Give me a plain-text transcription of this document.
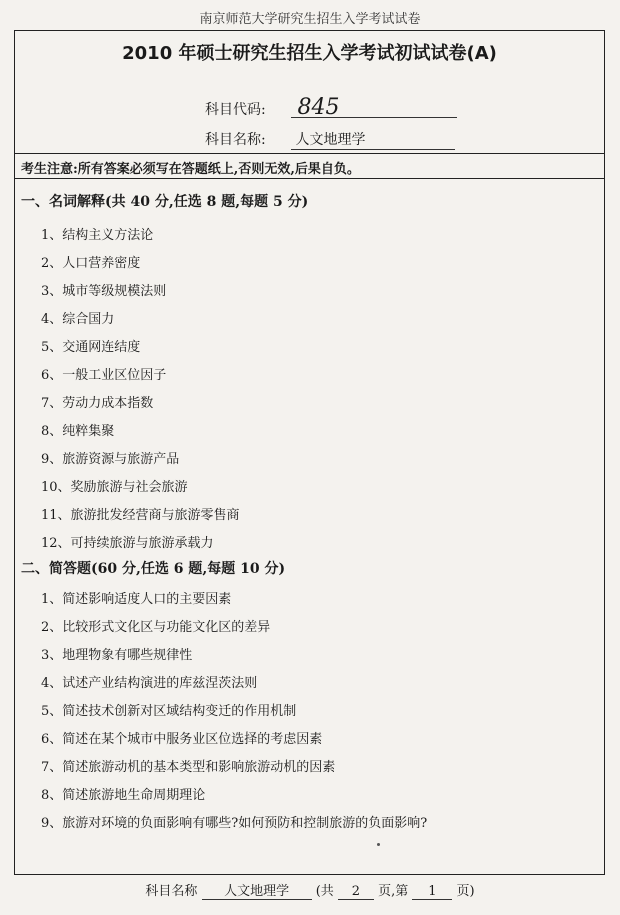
南京师范大学研究生招生入学考试试卷
2010 年硕士研究生招生入学考试初试试卷(A)
科目代码: 845
科目名称: 人文地理学
考生注意:所有答案必须写在答题纸上,否则无效,后果自负。
一、名词解释(共 40 分,任选 8 题,每题 5 分)
1、结构主义方法论
2、人口营养密度
3、城市等级规模法则
4、综合国力
5、交通网连结度
6、一般工业区位因子
7、劳动力成本指数
8、纯粹集聚
9、旅游资源与旅游产品
10、奖励旅游与社会旅游
11、旅游批发经营商与旅游零售商
12、可持续旅游与旅游承载力
二、简答题(60 分,任选 6 题,每题 10 分)
1、简述影响适度人口的主要因素
2、比较形式文化区与功能文化区的差异
3、地理物象有哪些规律性
4、试述产业结构演进的库兹涅茨法则
5、简述技术创新对区域结构变迁的作用机制
6、简述在某个城市中服务业区位选择的考虑因素
7、简述旅游动机的基本类型和影响旅游动机的因素
8、简述旅游地生命周期理论
9、旅游对环境的负面影响有哪些?如何预防和控制旅游的负面影响?
科目名称 人文地理学 (共 2 页,第 1 页)
